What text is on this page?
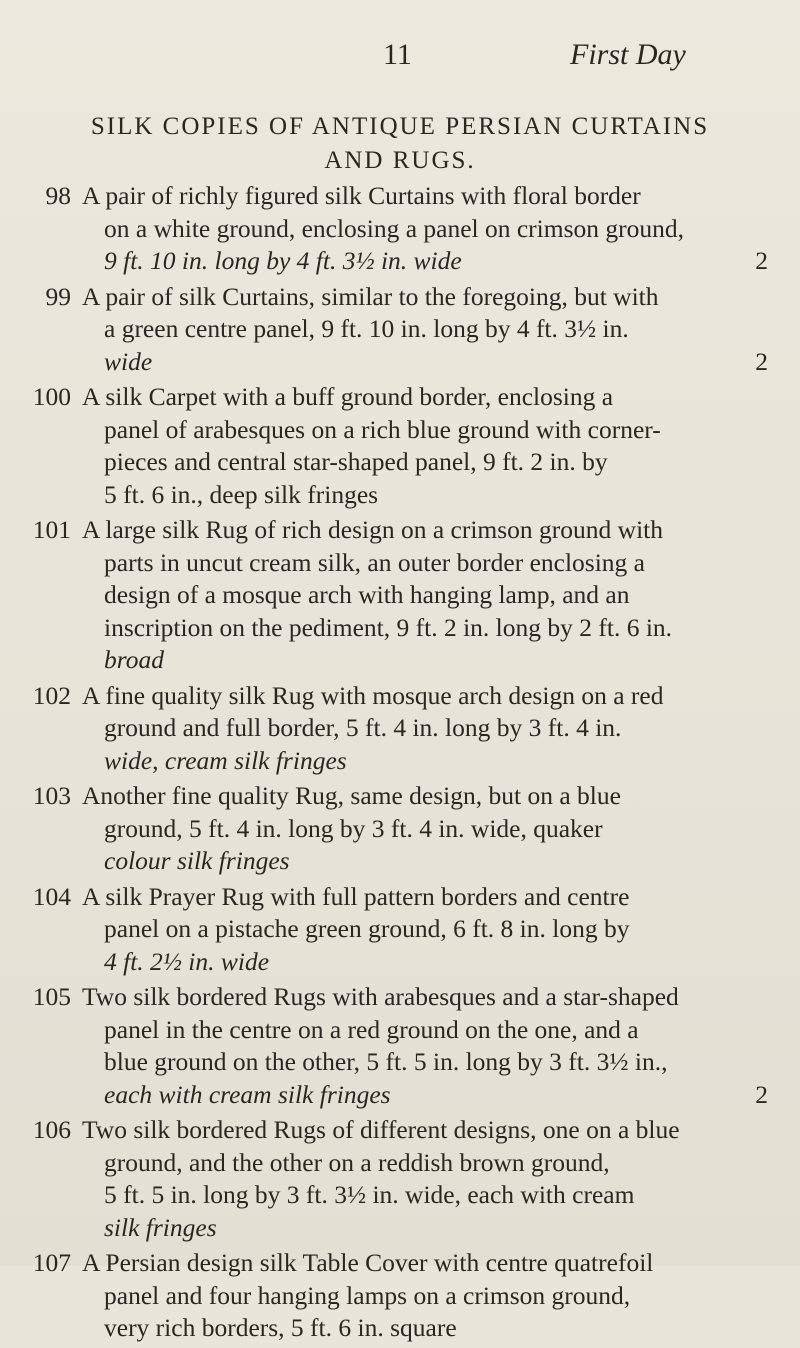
11	First Day
SILK COPIES OF ANTIQUE PERSIAN CURTAINS
AND RUGS.
98 A pair of richly figured silk Curtains with floral border
on a white ground, enclosing a panel on crimson ground,
9 ft. 10 in. long by 4 ft. 3½ in. wide	2
99 A pair of silk Curtains, similar to the foregoing, but with
a green centre panel, 9 ft. 10 in. long by 4 ft. 3½ in.
wide	2
100 A silk Carpet with a buff ground border, enclosing a
panel of arabesques on a rich blue ground with corner-
pieces and central star-shaped panel, 9 ft. 2 in. by
5 ft. 6 in., deep silk fringes
101 A large silk Rug of rich design on a crimson ground with
parts in uncut cream silk, an outer border enclosing a
design of a mosque arch with hanging lamp, and an
inscription on the pediment, 9 ft. 2 in. long by 2 ft. 6 in.
broad
102 A fine quality silk Rug with mosque arch design on a red
ground and full border, 5 ft. 4 in. long by 3 ft. 4 in.
wide, cream silk fringes
103 Another fine quality Rug, same design, but on a blue
ground, 5 ft. 4 in. long by 3 ft. 4 in. wide, quaker
colour silk fringes
104 A silk Prayer Rug with full pattern borders and centre
panel on a pistache green ground, 6 ft. 8 in. long by
4 ft. 2½ in. wide
105 Two silk bordered Rugs with arabesques and a star-shaped
panel in the centre on a red ground on the one, and a
blue ground on the other, 5 ft. 5 in. long by 3 ft. 3½ in.,
each with cream silk fringes	2
106 Two silk bordered Rugs of different designs, one on a blue
ground, and the other on a reddish brown ground,
5 ft. 5 in. long by 3 ft. 3½ in. wide, each with cream
silk fringes
107 A Persian design silk Table Cover with centre quatrefoil
panel and four hanging lamps on a crimson ground,
very rich borders, 5 ft. 6 in. square
